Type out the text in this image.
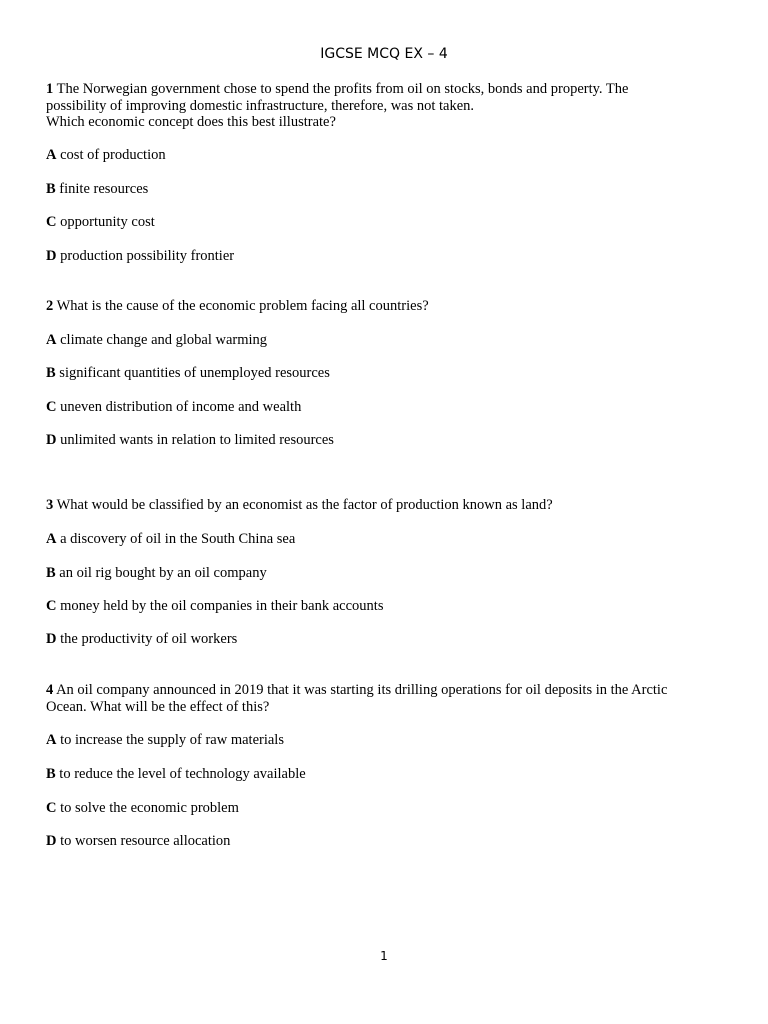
IGCSE MCQ EX – 4
1 The Norwegian government chose to spend the profits from oil on stocks, bonds and property. The possibility of improving domestic infrastructure, therefore, was not taken.
Which economic concept does this best illustrate?
A cost of production
B finite resources
C opportunity cost
D production possibility frontier
2 What is the cause of the economic problem facing all countries?
A climate change and global warming
B significant quantities of unemployed resources
C uneven distribution of income and wealth
D unlimited wants in relation to limited resources
3 What would be classified by an economist as the factor of production known as land?
A a discovery of oil in the South China sea
B an oil rig bought by an oil company
C money held by the oil companies in their bank accounts
D the productivity of oil workers
4 An oil company announced in 2019 that it was starting its drilling operations for oil deposits in the Arctic Ocean. What will be the effect of this?
A to increase the supply of raw materials
B to reduce the level of technology available
C to solve the economic problem
D to worsen resource allocation
1
